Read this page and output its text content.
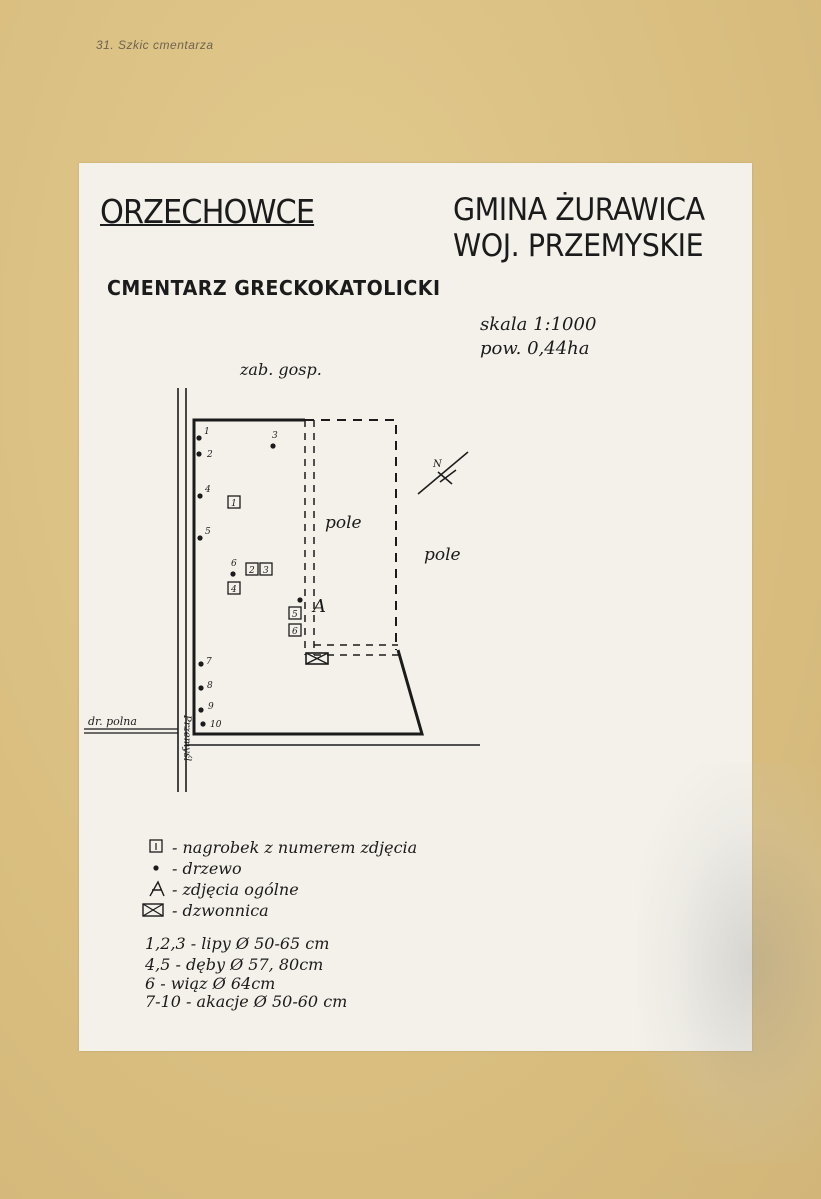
31. Szkic cmentarza
ORZECHOWCE	GMINA ŻURAWICA
WOJ. PRZEMYSKIE
CMENTARZ GRECKOKATOLICKI
skala 1:1000
pow. 0,44ha
N
zab. gosp.
pole
pole
dr. polna	Przemyśl
A
1
2
3
4
5
6
7
8
9
10
1
2 3
4
5
6
- nagrobek z numerem zdjęcia
- drzewo
- zdjęcia ogólne
- dzwonnica
1,2,3 - lipy Ø 50-65 cm
4,5 - dęby Ø 57, 80cm
6 - wiąz Ø 64cm
7-10 - akacje Ø 50-60 cm
